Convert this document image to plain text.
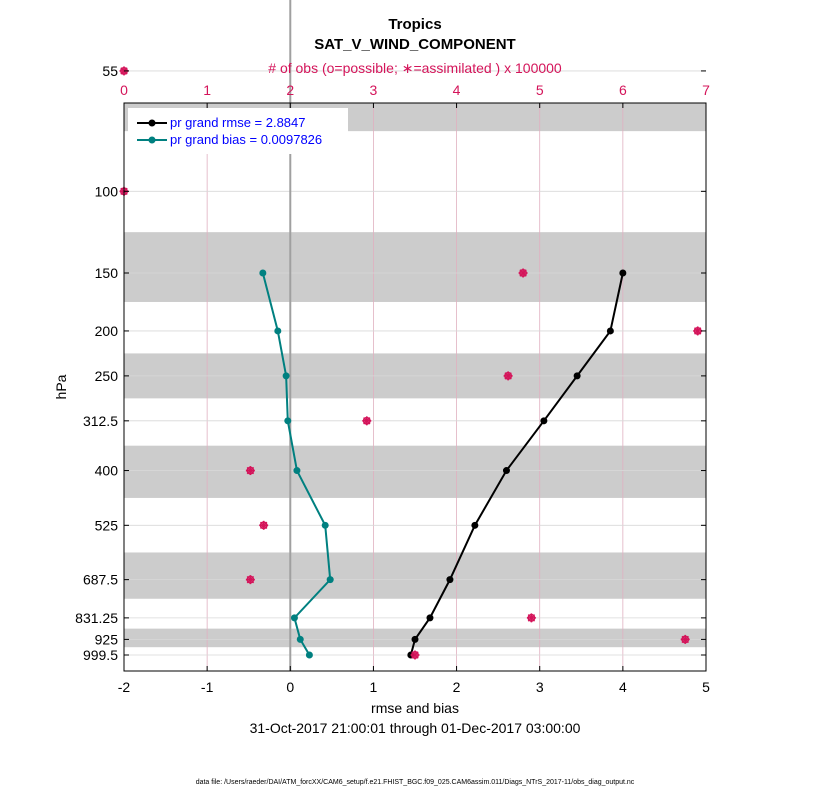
-2	-1	0	1	2	3	4	5
0	1	2	3	4	5	6	7
55
100
150
200
250
312.5
400
525
687.5
831.25
925
999.5
Tropics
SAT_V_WIND_COMPONENT
# of obs (o=possible; ∗=assimilated ) x 100000
rmse and bias
31-Oct-2017 21:00:01 through 01-Dec-2017 03:00:00
hPa
pr grand rmse = 2.8847
pr grand bias = 0.0097826
data file: /Users/raeder/DAI/ATM_forcXX/CAM6_setup/f.e21.FHIST_BGC.f09_025.CAM6assim.011/Diags_NTrS_2017-11/obs_diag_output.nc
